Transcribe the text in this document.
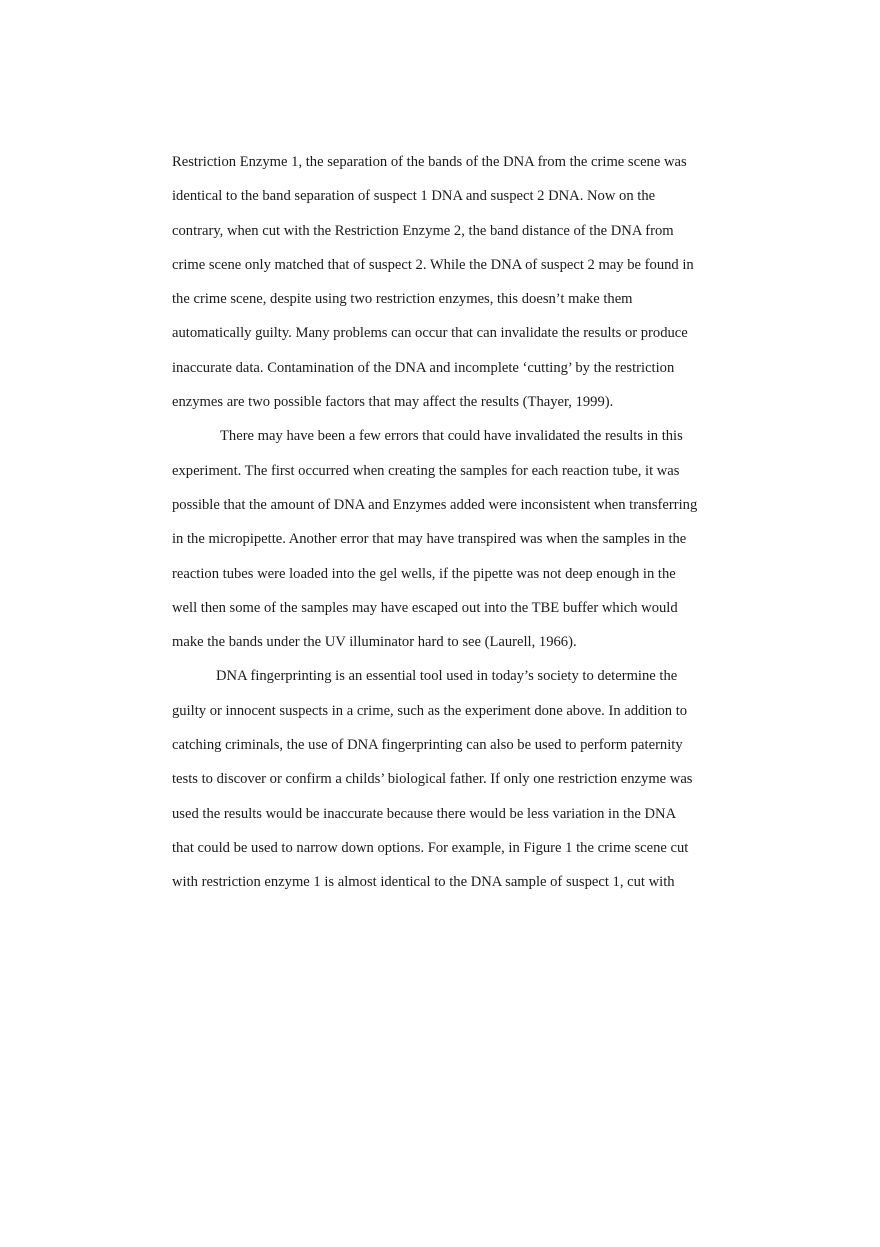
Restriction Enzyme 1, the separation of the bands of the DNA from the crime scene was
identical to the band separation of suspect 1 DNA and suspect 2 DNA. Now on the
contrary, when cut with the Restriction Enzyme 2, the band distance of the DNA from
crime scene only matched that of suspect 2. While the DNA of suspect 2 may be found in
the crime scene, despite using two restriction enzymes, this doesn’t make them
automatically guilty. Many problems can occur that can invalidate the results or produce
inaccurate data. Contamination of the DNA and incomplete ‘cutting’ by the restriction
enzymes are two possible factors that may affect the results (Thayer, 1999).
There may have been a few errors that could have invalidated the results in this
experiment. The first occurred when creating the samples for each reaction tube, it was
possible that the amount of DNA and Enzymes added were inconsistent when transferring
in the micropipette. Another error that may have transpired was when the samples in the
reaction tubes were loaded into the gel wells, if the pipette was not deep enough in the
well then some of the samples may have escaped out into the TBE buffer which would
make the bands under the UV illuminator hard to see (Laurell, 1966).
DNA fingerprinting is an essential tool used in today’s society to determine the
guilty or innocent suspects in a crime, such as the experiment done above. In addition to
catching criminals, the use of DNA fingerprinting can also be used to perform paternity
tests to discover or confirm a childs’ biological father. If only one restriction enzyme was
used the results would be inaccurate because there would be less variation in the DNA
that could be used to narrow down options. For example, in Figure 1 the crime scene cut
with restriction enzyme 1 is almost identical to the DNA sample of suspect 1, cut with
